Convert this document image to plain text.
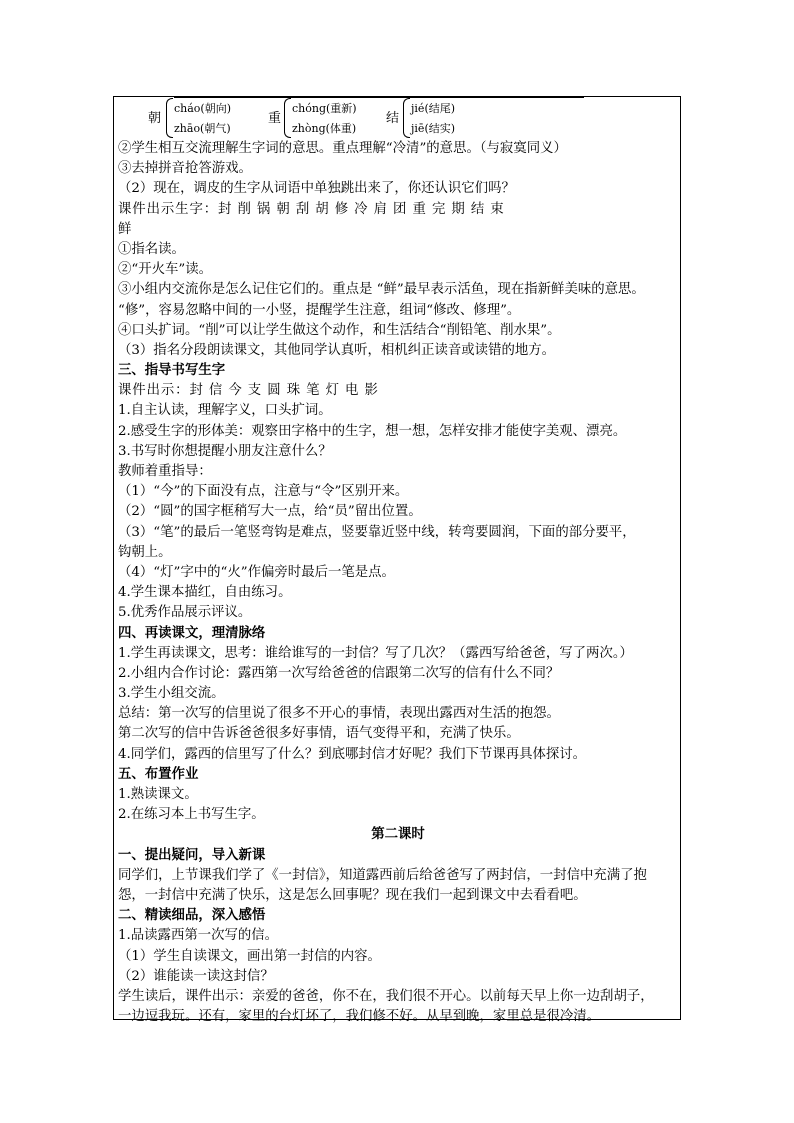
朝
cháo(朝向)
zhāo(朝气)
重
chóng(重新)
zhòng(体重)
结
jié(结尾)
jiē(结实)
②学生相互交流理解生字词的意思。重点理解“冷清”的意思。（与寂寞同义）
③去掉拼音抢答游戏。
（2）现在，调皮的生字从词语中单独跳出来了，你还认识它们吗？
课件出示生字：封 削 锅 朝 刮 胡 修 冷 肩 团 重 完 期 结 束
鲜
①指名读。
②“开火车”读。
③小组内交流你是怎么记住它们的。重点是 “鲜”最早表示活鱼，现在指新鲜美味的意思。
“修”，容易忽略中间的一小竖，提醒学生注意，组词“修改、修理”。
④口头扩词。“削”可以让学生做这个动作，和生活结合“削铅笔、削水果”。
（3）指名分段朗读课文，其他同学认真听，相机纠正读音或读错的地方。
三、指导书写生字
课件出示：封 信 今 支 圆 珠 笔 灯 电 影
1.自主认读，理解字义，口头扩词。
2.感受生字的形体美：观察田字格中的生字，想一想，怎样安排才能使字美观、漂亮。
3.书写时你想提醒小朋友注意什么？
教师着重指导：
（1）“今”的下面没有点，注意与“令”区别开来。
（2）“圆”的国字框稍写大一点，给“员”留出位置。
（3）“笔”的最后一笔竖弯钩是难点，竖要靠近竖中线，转弯要圆润，下面的部分要平，
钩朝上。
（4）“灯”字中的“火”作偏旁时最后一笔是点。
4.学生课本描红，自由练习。
5.优秀作品展示评议。
四、再读课文，理清脉络
1.学生再读课文，思考：谁给谁写的一封信？写了几次？（露西写给爸爸，写了两次。）
2.小组内合作讨论：露西第一次写给爸爸的信跟第二次写的信有什么不同？
3.学生小组交流。
总结：第一次写的信里说了很多不开心的事情，表现出露西对生活的抱怨。
第二次写的信中告诉爸爸很多好事情，语气变得平和，充满了快乐。
4.同学们，露西的信里写了什么？到底哪封信才好呢？我们下节课再具体探讨。
五、布置作业
1.熟读课文。
2.在练习本上书写生字。
第二课时
一、提出疑问，导入新课
同学们，上节课我们学了《一封信》，知道露西前后给爸爸写了两封信，一封信中充满了抱
怨，一封信中充满了快乐，这是怎么回事呢？现在我们一起到课文中去看看吧。
二、精读细品，深入感悟
1.品读露西第一次写的信。
（1）学生自读课文，画出第一封信的内容。
（2）谁能读一读这封信？
学生读后，课件出示：亲爱的爸爸，你不在，我们很不开心。以前每天早上你一边刮胡子，
一边逗我玩。还有，家里的台灯坏了，我们修不好。从早到晚，家里总是很冷清。
